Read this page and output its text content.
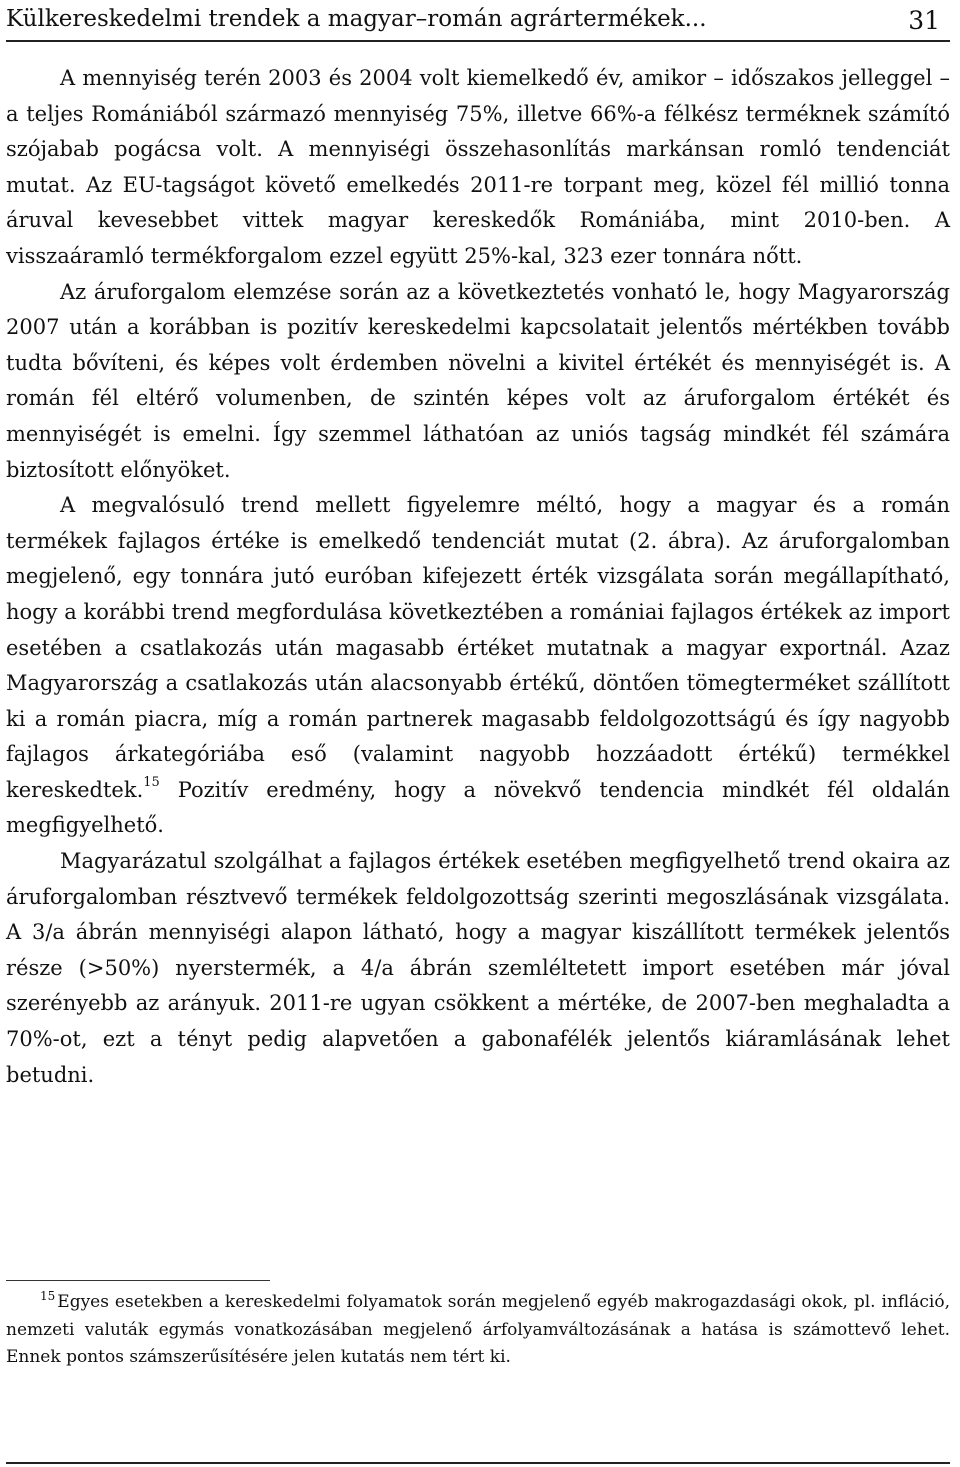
Külkereskedelmi trendek a magyar–román agrártermékek...	31

A mennyiség terén 2003 és 2004 volt kiemelkedő év, amikor – időszakos jelleggel – a teljes Romániából származó mennyiség 75%, illetve 66%-a félkész terméknek számító szójabab pogácsa volt. A mennyiségi összehasonlítás markánsan romló tendenciát mutat. Az EU-tagságot követő emelkedés 2011-re torpant meg, közel fél millió tonna áruval kevesebbet vittek magyar kereskedők Romániába, mint 2010-ben. A visszaáramló termékforgalom ezzel együtt 25%-kal, 323 ezer tonnára nőtt.

Az áruforgalom elemzése során az a következtetés vonható le, hogy Magyarország 2007 után a korábban is pozitív kereskedelmi kapcsolatait jelentős mértékben tovább tudta bővíteni, és képes volt érdemben növelni a kivitel értékét és mennyiségét is. A román fél eltérő volumenben, de szintén képes volt az áruforgalom értékét és mennyiségét is emelni. Így szemmel láthatóan az uniós tagság mindkét fél számára biztosított előnyöket.

A megvalósuló trend mellett figyelemre méltó, hogy a magyar és a román termékek fajlagos értéke is emelkedő tendenciát mutat (2. ábra). Az áruforgalomban megjelenő, egy tonnára jutó euróban kifejezett érték vizsgálata során megállapítható, hogy a korábbi trend megfordulása következtében a romániai fajlagos értékek az import esetében a csatlakozás után magasabb értéket mutatnak a magyar exportnál. Azaz Magyarország a csatlakozás után alacsonyabb értékű, döntően tömegterméket szállított ki a román piacra, míg a román partnerek magasabb feldolgozottságú és így nagyobb fajlagos árkategóriába eső (valamint nagyobb hozzáadott értékű) termékkel kereskedtek.$^{15}$ Pozitív eredmény, hogy a növekvő tendencia mindkét fél oldalán megfigyelhető.

Magyarázatul szolgálhat a fajlagos értékek esetében megfigyelhető trend okaira az áruforgalomban résztvevő termékek feldolgozottság szerinti megoszlásának vizsgálata. A 3/a ábrán mennyiségi alapon látható, hogy a magyar kiszállított termékek jelentős része (>50%) nyerstermék, a 4/a ábrán szemléltetett import esetében már jóval szerényebb az arányuk. 2011-re ugyan csökkent a mértéke, de 2007-ben meghaladta a 70%-ot, ezt a tényt pedig alapvetően a gabonafélék jelentős kiáramlásának lehet betudni.

$^{15}$ Egyes esetekben a kereskedelmi folyamatok során megjelenő egyéb makrogazdasági okok, pl. infláció, nemzeti valuták egymás vonatkozásában megjelenő árfolyamváltozásának a hatása is számottevő lehet. Ennek pontos számszerűsítésére jelen kutatás nem tért ki.
